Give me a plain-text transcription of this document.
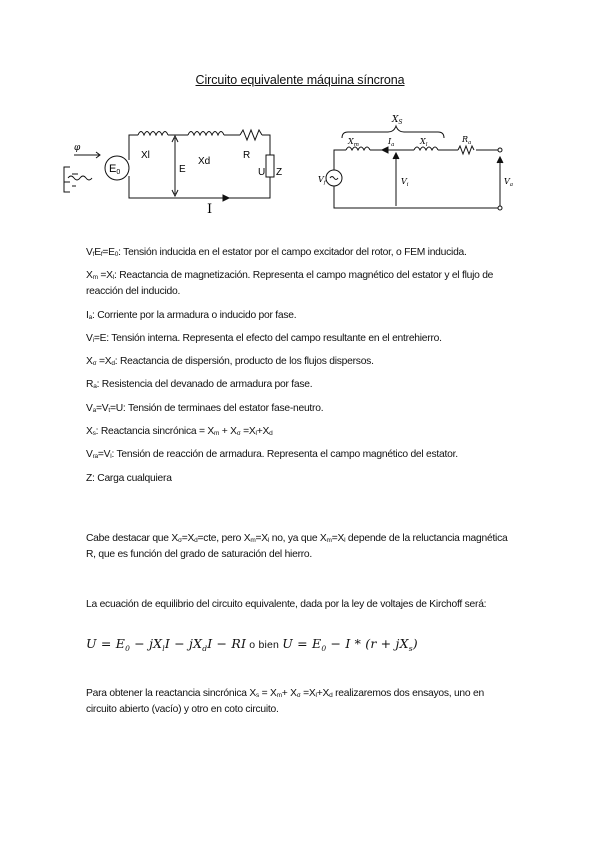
Circuito equivalente máquina síncrona
φ
E0
Xl
Xd
R
E	U Z
I
$X_S$
$X_m$	$I_a$	$X_l$
$R_a$
$V_f$	$V_i$	$V_a$

$V_fE_f=E_0$: Tensión inducida en el estator por el campo excitador del rotor, o FEM inducida.

$X_m =X_l$: Reactancia de magnetización. Representa el campo magnético del estator y el flujo de reacción del inducido.

$I_a$: Corriente por la armadura o inducido por fase.

$V_i=E$: Tensión interna. Representa el efecto del campo resultante en el entrehierro.

$X_\sigma =X_d$: Reactancia de dispersión, producto de los flujos dispersos.

$R_a$: Resistencia del devanado de armadura por fase.

$V_a=V_t=U$: Tensión de terminaes del estator fase-neutro.

$X_s$: Reactancia sincrónica = $X_m + X_\sigma =X_l+X_d$

$V_{ra}=V_l$: Tensión de reacción de armadura. Representa el campo magnético del estator.

Z: Carga cualquiera

Cabe destacar que $X_\sigma=X_d=cte$, pero $X_m=X_l$ no, ya que $X_m=X_l$ depende de la reluctancia magnética R, que es función del grado de saturación del hierro.

La ecuación de equilibrio del circuito equivalente, dada por la ley de voltajes de Kirchoff será:

$U = E_0 - jX_lI - jX_dI$ − RI o bien $U = E_0 - I * (r + jX_s)$

Para obtener la reactancia sincrónica $X_s = X_m+ X_\sigma =X_l+X_d$ realizaremos dos ensayos, uno en circuito abierto (vacío) y otro en coto circuito.
